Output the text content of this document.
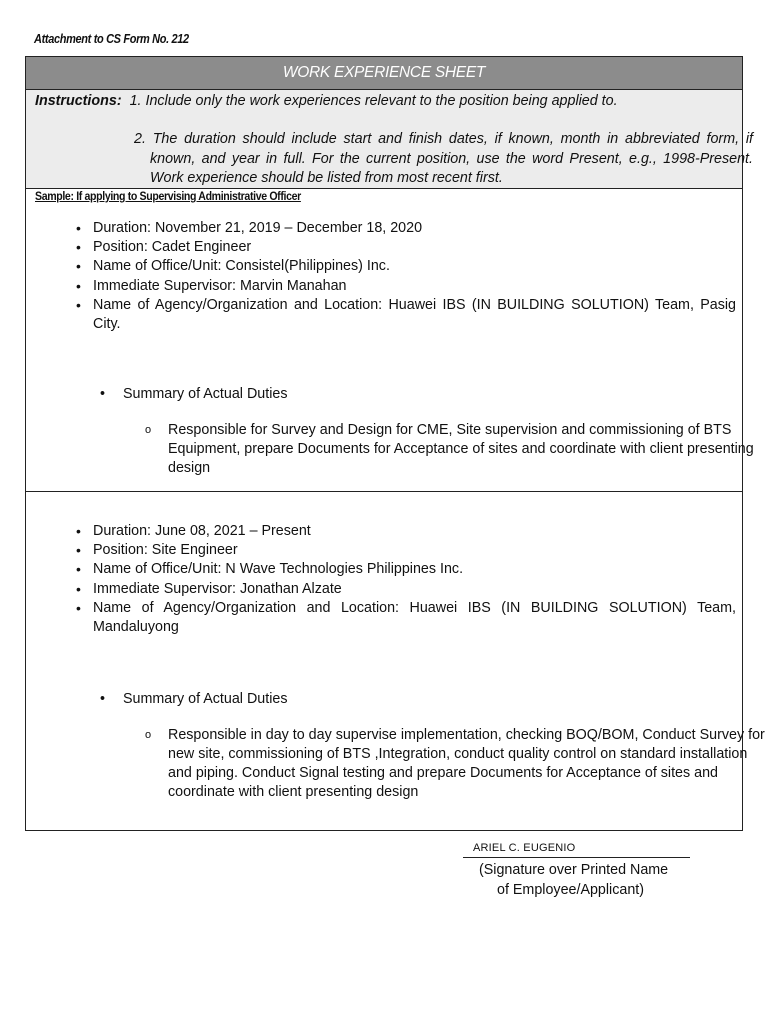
Attachment to CS Form No. 212
WORK EXPERIENCE SHEET
Instructions: 1. Include only the work experiences relevant to the position being applied to.
2. The duration should include start and finish dates, if known, month in abbreviated form, if known, and year in full. For the current position, use the word Present, e.g., 1998-Present. Work experience should be listed from most recent first.
Sample: If applying to Supervising Administrative Officer
• Duration: November 21, 2019 – December 18, 2020
• Position: Cadet Engineer
• Name of Office/Unit: Consistel(Philippines) Inc.
• Immediate Supervisor: Marvin Manahan
• Name of Agency/Organization and Location: Huawei IBS (IN BUILDING SOLUTION) Team, Pasig City.
• Summary of Actual Duties
o Responsible for Survey and Design for CME, Site supervision and commissioning of BTS Equipment, prepare Documents for Acceptance of sites and coordinate with client presenting design
• Duration: June 08, 2021 – Present
• Position: Site Engineer
• Name of Office/Unit: N Wave Technologies Philippines Inc.
• Immediate Supervisor: Jonathan Alzate
• Name of Agency/Organization and Location: Huawei IBS (IN BUILDING SOLUTION) Team, Mandaluyong
• Summary of Actual Duties
o Responsible in day to day supervise implementation, checking BOQ/BOM, Conduct Survey for new site, commissioning of BTS ,Integration, conduct quality control on standard installation and piping. Conduct Signal testing and prepare Documents for Acceptance of sites and coordinate with client presenting design
ARIEL C. EUGENIO
(Signature over Printed Name
of Employee/Applicant)
